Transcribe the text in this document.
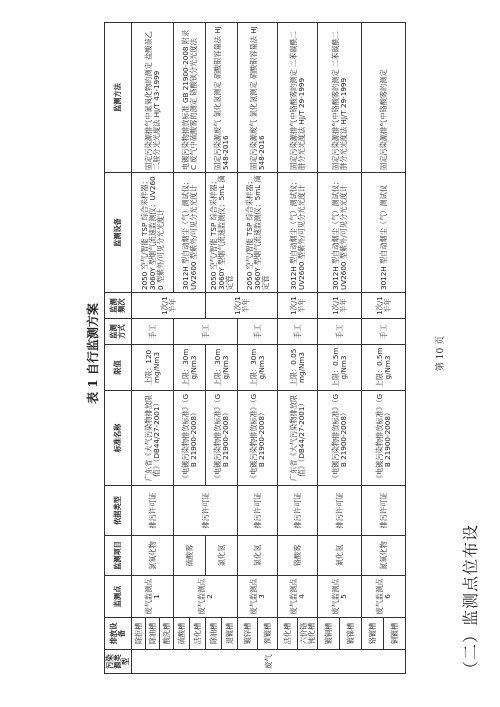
（二）监测点位布设
表 1 自行监测方案
污染源类型	排放设备	监测点	监测项目	依据类型	标准名称	限值	监测方式	监测频次	监测设备	监测方法
废气	除拒槽	废气监测点 1	氯氧化物	排污许可证	广东省《大气污染物排放限值》（DB44/27-2001）	上限：120mg/Nm3	手工	1次/1半年	2050 空气/智能 TSP 综合采样器；3060Y 型烟气流速监测仪；UV2600 型紫外/可见分光光度计	固定污染源排气中氮氧化物的测定 盐酸萘乙二胺分光光度法 HJ/T 43-1999
	除油槽									
	酸洗槽									
	硫酸槽	废气监测点 2	硫酸雾	排污许可证	《电镀污染物排放标准》（GB 21900-2008）	上限：30mg/Nm3	手工		3012H 型自动烟尘（气）测试仪；UV2600 型紫外/可见分光光度计	电镀污染物排放标准 GB 21900-2008 附录 C 废气中硫酸雾的测定 铬酸钡分光光度法
	活化槽									
	除油槽		氯化氢		《电镀污染物排放标准》（GB 21900-2008）	上限：30mg/Nm3		1次/1半年	2050 空气/智能 TSP 综合采样器；3060Y 型烟气流速监测仪；5mL 滴定管	固定污染源废气 氯化氢测定 硝酸银容量法 HJ548-2016
	退镀槽									
	镀锌槽	废气监测点 3	氯化氢	排污许可证	《电镀污染物排放标准》（GB 21900-2008）	上限：30mg/Nm3	手工		2050 空气/智能 TSP 综合采样器；3060Y 型烟气流速监测仪；5mL 滴定管	固定污染源废气 氯化氢测定 硝酸银容量法 HJ548-2016
	预镀槽									
	活化槽	废气监测点 4	铬酸雾	排污许可证	广东省《大气污染物排放限值》（DB44/27-2001）	上限：0.05mg/Nm3	手工	1次/1半年	3012H 型自动烟尘（气）测试仪；UV2600 型紫外/可见分光光度计	固定污染源排气中铬酸雾的测定 二苯碳酰二肼分光光度法 HJ/T 29-1999
	六价铬钝化槽									
	镀铜槽	废气监测点 5	氰化氢	排污许可证	《电镀污染物排放标准》（GB 21900-2008）	上限：0.5mg/Nm3	手工	1次/1半年	3012H 型自动烟尘（气）测试仪；UV2600 型紫外/可见分光光度计	固定污染源排气中铬酸雾的测定 二苯碳酰二肼分光光度法 HJ/T 29-1999
	镀镍槽									
	铬镀槽	废气监测点 6	氮氧化物	排污许可证	《电镀污染物排放标准》（GB 21900-2008）	上限：0.5mg/Nm3	手工	1次/1半年	3012H 型自动烟尘（气）测试仪	固定污染源排气中铬酸雾的测定
	铜镀槽									
第 10 页
